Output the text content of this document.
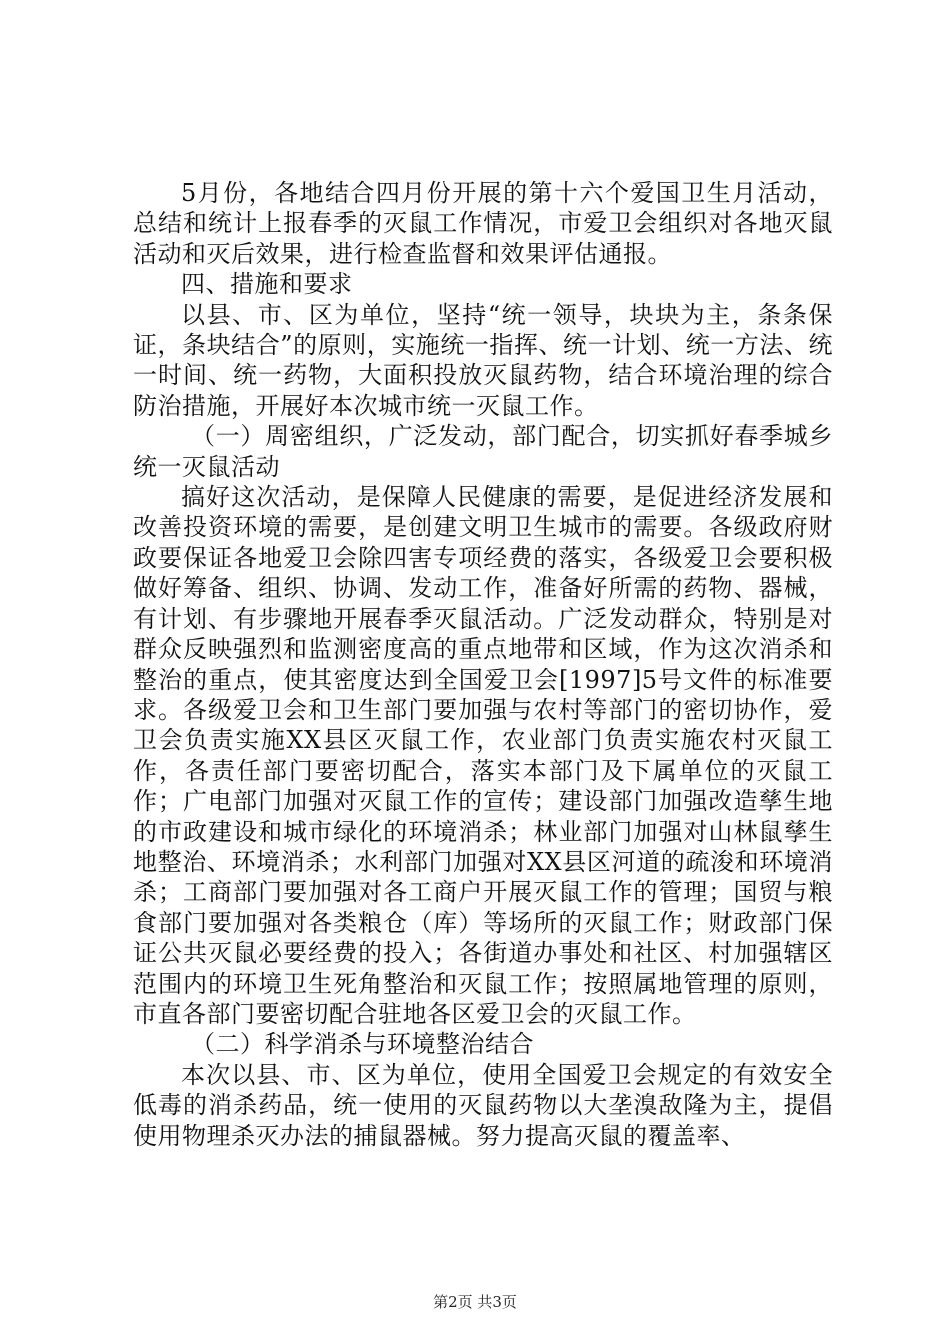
5月份，各地结合四月份开展的第十六个爱国卫生月活动，总结和统计上报春季的灭鼠工作情况，市爱卫会组织对各地灭鼠活动和灭后效果，进行检查监督和效果评估通报。

四、措施和要求

以县、市、区为单位，坚持“统一领导，块块为主，条条保证，条块结合”的原则，实施统一指挥、统一计划、统一方法、统一时间、统一药物，大面积投放灭鼠药物，结合环境治理的综合防治措施，开展好本次城市统一灭鼠工作。

（一）周密组织，广泛发动，部门配合，切实抓好春季城乡统一灭鼠活动

搞好这次活动，是保障人民健康的需要，是促进经济发展和改善投资环境的需要，是创建文明卫生城市的需要。各级政府财政要保证各地爱卫会除四害专项经费的落实，各级爱卫会要积极做好筹备、组织、协调、发动工作，准备好所需的药物、器械，有计划、有步骤地开展春季灭鼠活动。广泛发动群众，特别是对群众反映强烈和监测密度高的重点地带和区域，作为这次消杀和整治的重点，使其密度达到全国爱卫会[1997]5号文件的标准要求。各级爱卫会和卫生部门要加强与农村等部门的密切协作，爱卫会负责实施XX县区灭鼠工作，农业部门负责实施农村灭鼠工作，各责任部门要密切配合，落实本部门及下属单位的灭鼠工作；广电部门加强对灭鼠工作的宣传；建设部门加强改造孳生地的市政建设和城市绿化的环境消杀；林业部门加强对山林鼠孳生地整治、环境消杀；水利部门加强对XX县区河道的疏浚和环境消杀；工商部门要加强对各工商户开展灭鼠工作的管理；国贸与粮食部门要加强对各类粮仓（库）等场所的灭鼠工作；财政部门保证公共灭鼠必要经费的投入；各街道办事处和社区、村加强辖区范围内的环境卫生死角整治和灭鼠工作；按照属地管理的原则，市直各部门要密切配合驻地各区爱卫会的灭鼠工作。

（二）科学消杀与环境整治结合

本次以县、市、区为单位，使用全国爱卫会规定的有效安全低毒的消杀药品，统一使用的灭鼠药物以大垄溴敌隆为主，提倡使用物理杀灭办法的捕鼠器械。努力提高灭鼠的覆盖率、

第2页 共3页
